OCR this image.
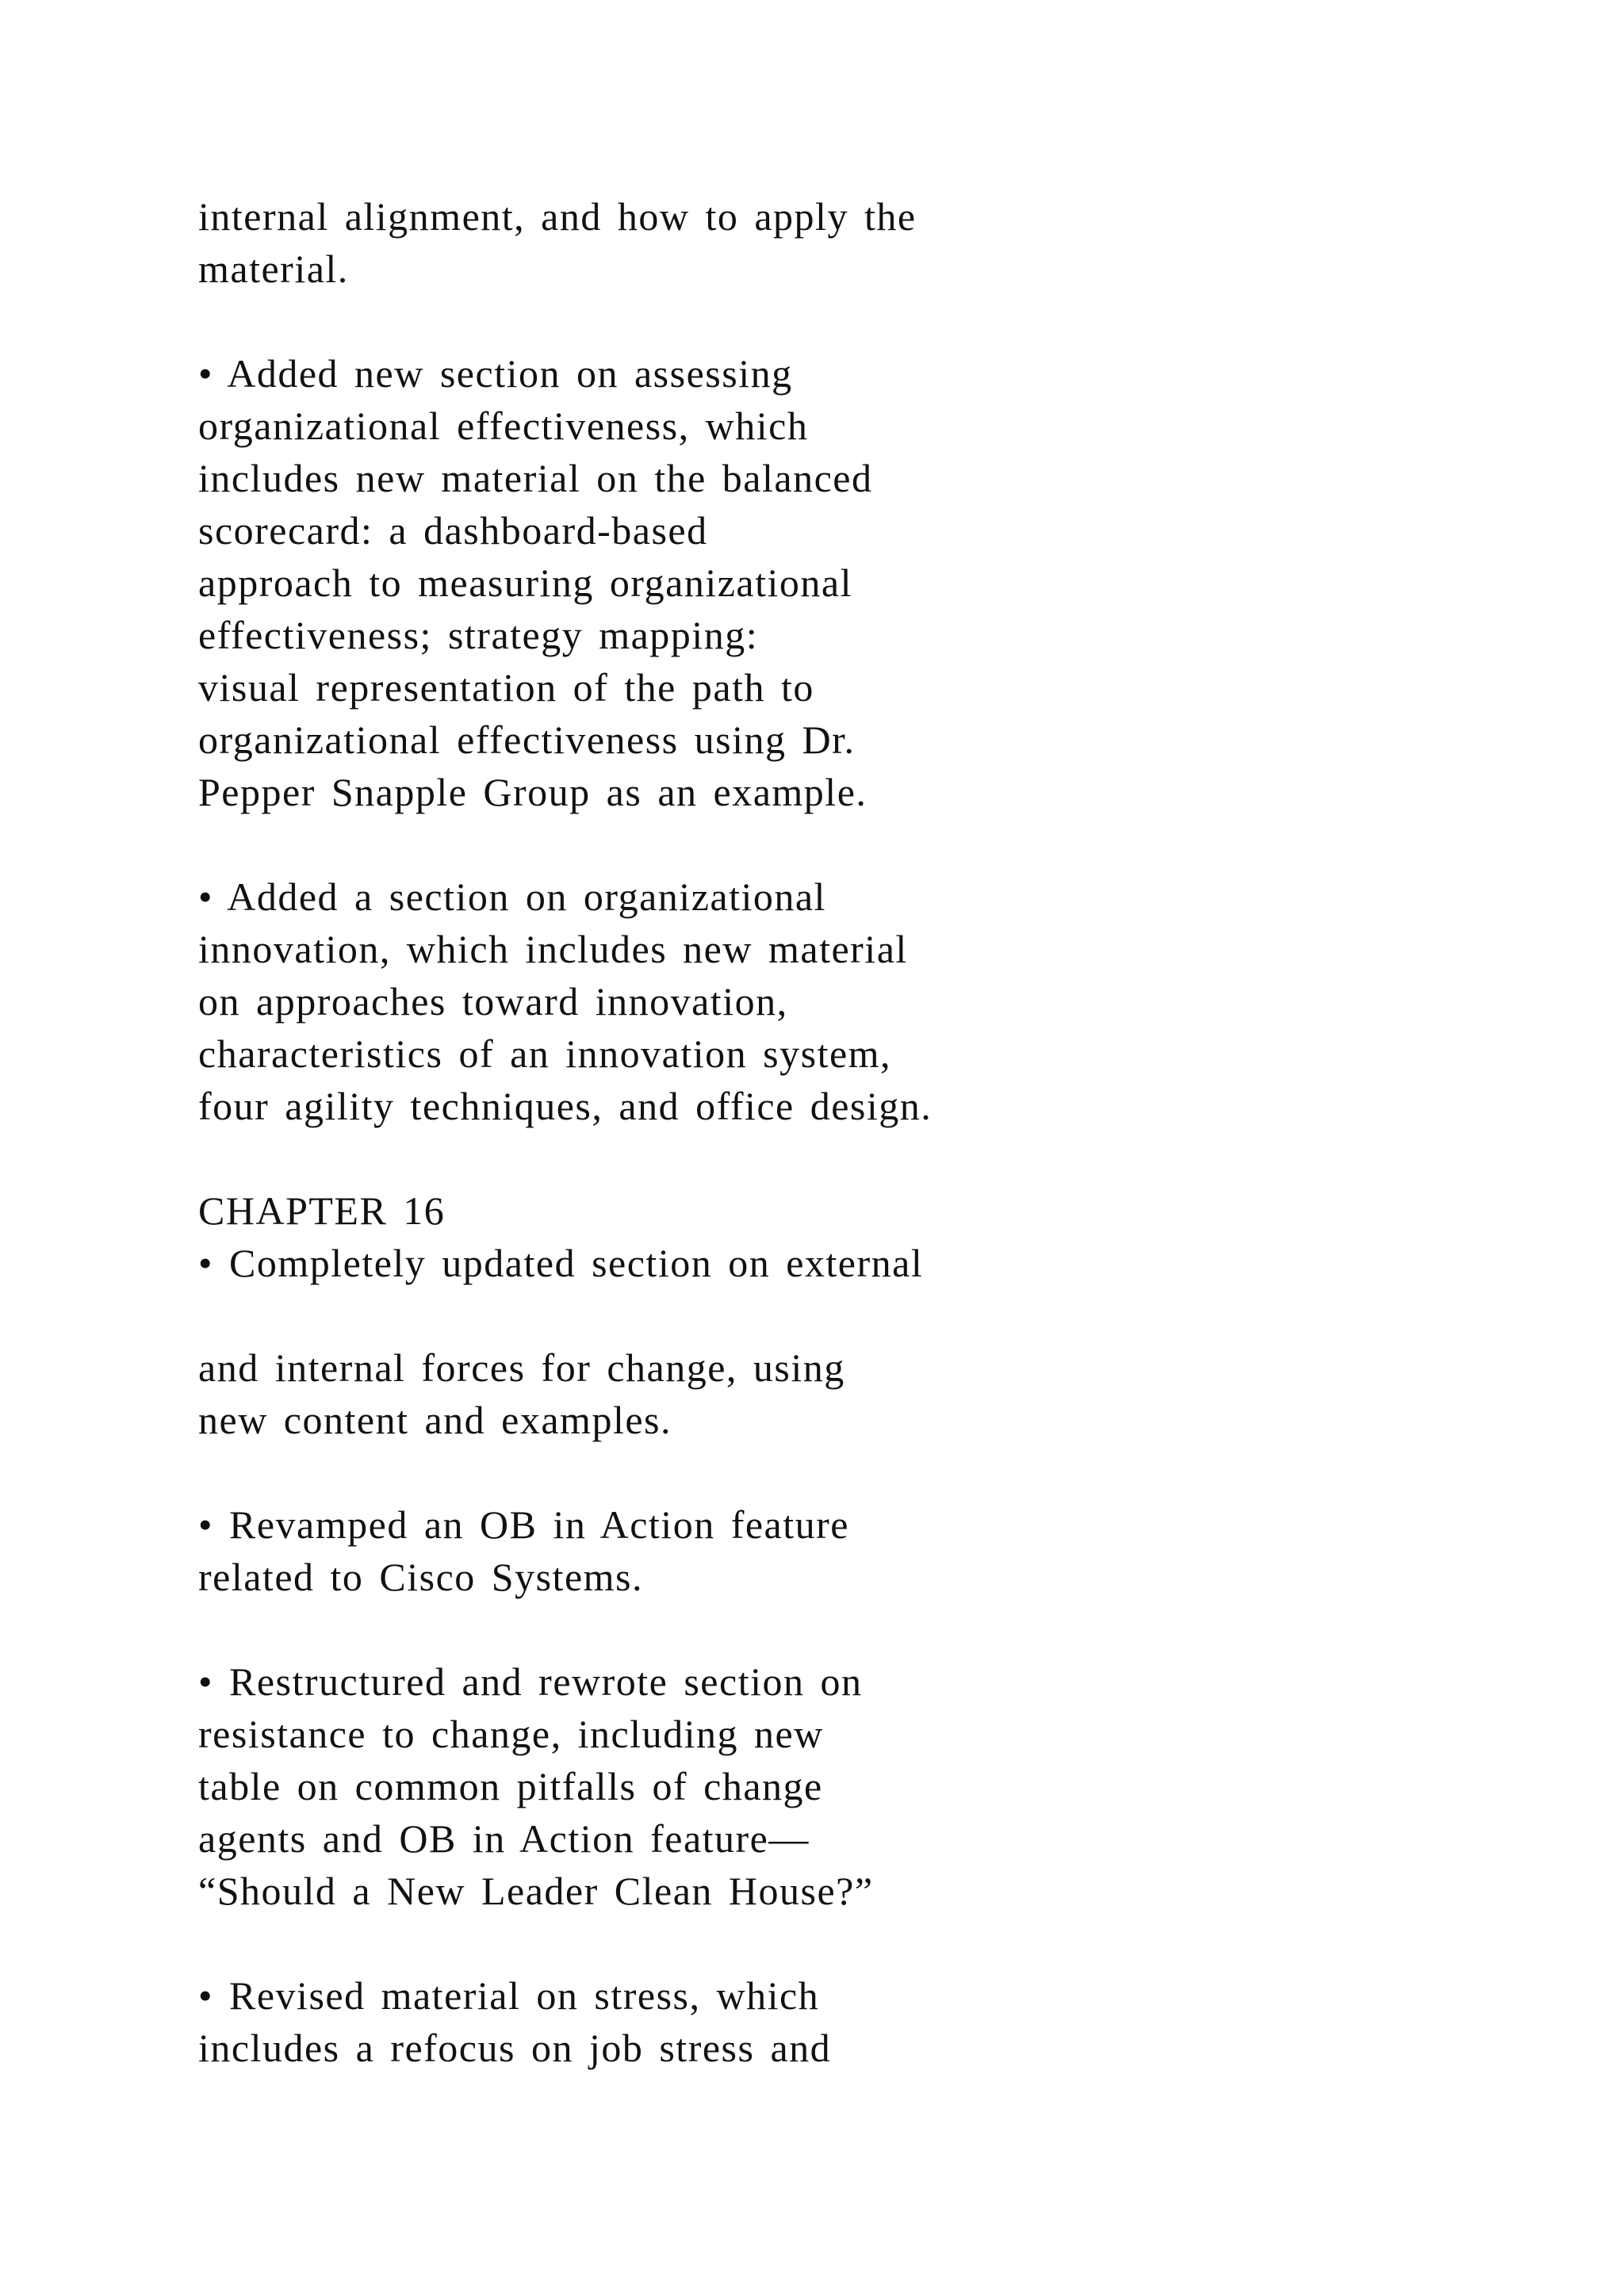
internal alignment, and how to apply the
material.
• Added new section on assessing
organizational effectiveness, which
includes new material on the balanced
scorecard: a dashboard-based
approach to measuring organizational
effectiveness; strategy mapping:
visual representation of the path to
organizational effectiveness using Dr.
Pepper Snapple Group as an example.
• Added a section on organizational
innovation, which includes new material
on approaches toward innovation,
characteristics of an innovation system,
four agility techniques, and office design.
CHAPTER 16
• Completely updated section on external
and internal forces for change, using
new content and examples.
• Revamped an OB in Action feature
related to Cisco Systems.
• Restructured and rewrote section on
resistance to change, including new
table on common pitfalls of change
agents and OB in Action feature—
“Should a New Leader Clean House?”
• Revised material on stress, which
includes a refocus on job stress and
